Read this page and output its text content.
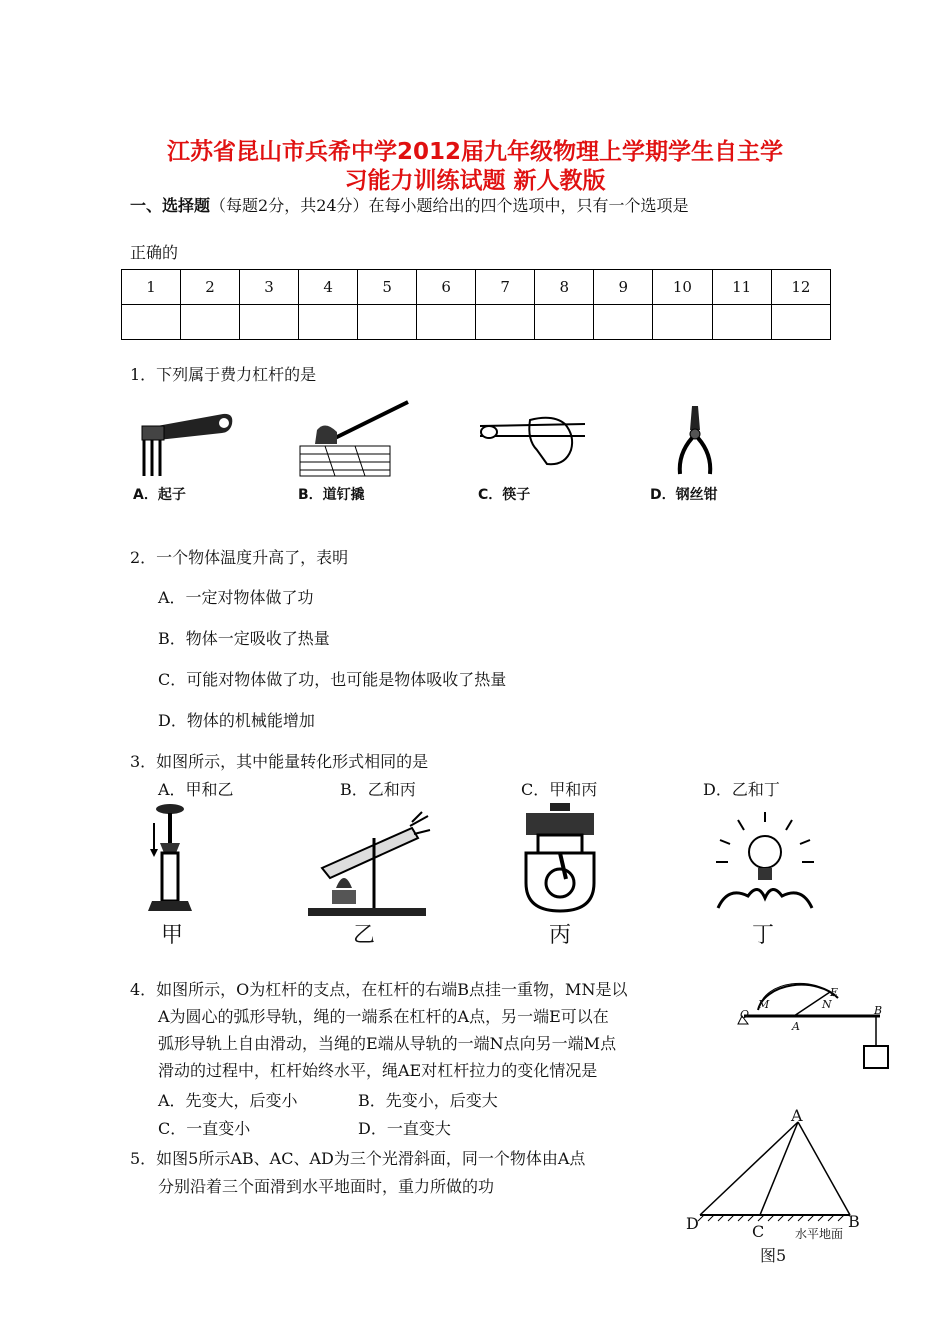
江苏省昆山市兵希中学2012届九年级物理上学期学生自主学
习能力训练试题 新人教版
一、选择题（每题2分，共24分）在每小题给出的四个选项中，只有一个选项是
正确的
1	2	3	4	5	6	7	8	9	10	11	12

1．下列属于费力杠杆的是
A．起子	B．道钉撬	C．筷子	D．钢丝钳
2．一个物体温度升高了，表明
A．一定对物体做了功
B．物体一定吸收了热量
C．可能对物体做了功，也可能是物体吸收了热量
D．物体的机械能增加
3．如图所示，其中能量转化形式相同的是
A．甲和乙	B．乙和丙	C．甲和丙	D．乙和丁
甲	乙	丙	丁
4．如图所示，O为杠杆的支点，在杠杆的右端B点挂一重物，MN是以
A为圆心的弧形导轨，绳的一端系在杠杆的A点，另一端E可以在
弧形导轨上自由滑动，当绳的E端从导轨的一端N点向另一端M点
滑动的过程中，杠杆始终水平，绳AE对杠杆拉力的变化情况是
A．先变大，后变小	B．先变小，后变大
C．一直变小	D．一直变大
O
M
E
N
A
B
5．如图5所示AB、AC、AD为三个光滑斜面，同一个物体由A点
分别沿着三个面滑到水平地面时，重力所做的功
A
D	C
B
水平地面
图5
